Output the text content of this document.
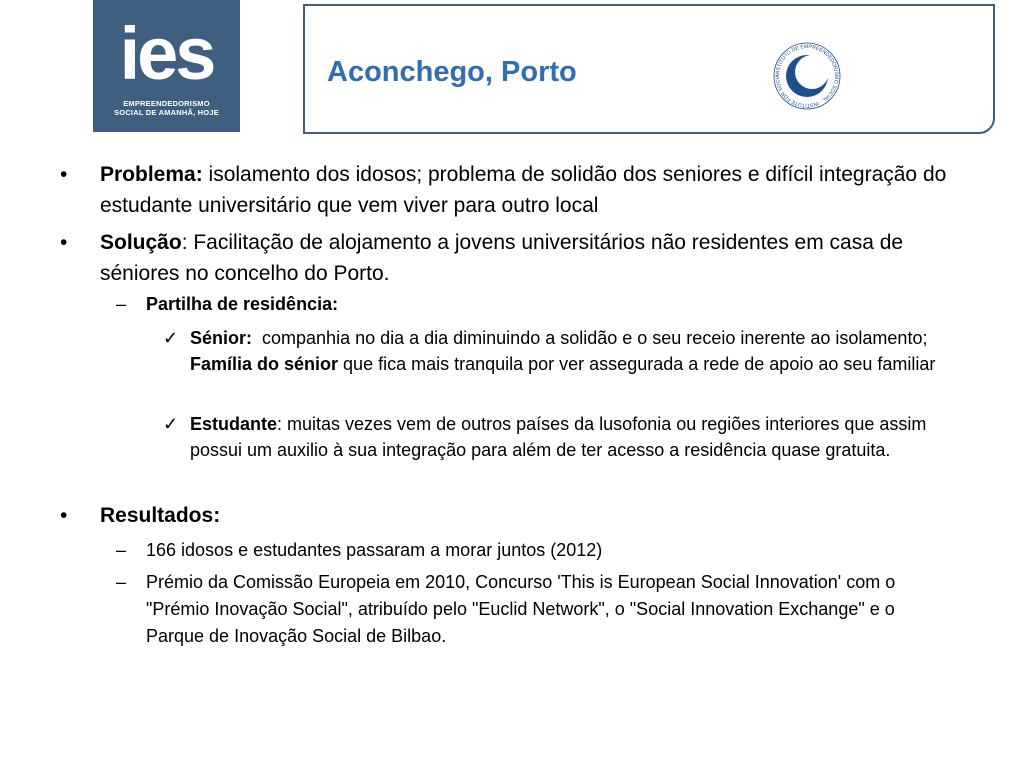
ies
EMPREENDEDORISMO
SOCIAL DE AMANHÃ, HOJE
Aconchego, Porto	INSTITUTO DE EMPREENDEDORISMO SOCIAL · INSTITUTE FOR SOCIA
• Problema: isolamento dos idosos; problema de solidão dos seniores e difícil integração do estudante universitário que vem viver para outro local
• Solução: Facilitação de alojamento a jovens universitários não residentes em casa de séniores no concelho do Porto.
– Partilha de residência:
✓ Sénior:  companhia no dia a dia diminuindo a solidão e o seu receio inerente ao isolamento; Família do sénior que fica mais tranquila por ver assegurada a rede de apoio ao seu familiar
✓ Estudante: muitas vezes vem de outros países da lusofonia ou regiões interiores que assim possui um auxilio à sua integração para além de ter acesso a residência quase gratuita.
• Resultados:
– 166 idosos e estudantes passaram a morar juntos (2012)
– Prémio da Comissão Europeia em 2010, Concurso 'This is European Social Innovation' com o "Prémio Inovação Social", atribuído pelo "Euclid Network", o "Social Innovation Exchange" e o Parque de Inovação Social de Bilbao.
